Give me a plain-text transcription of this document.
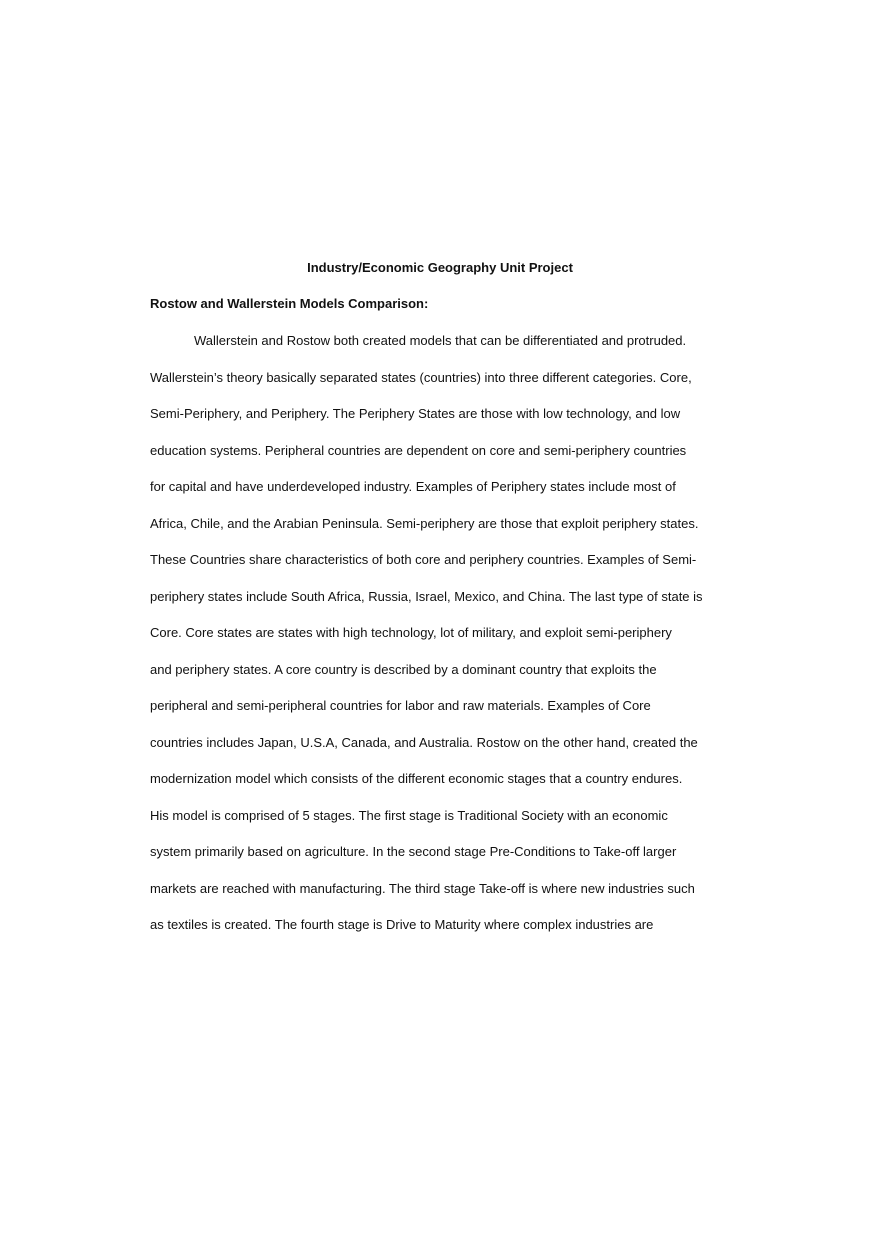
Industry/Economic Geography Unit Project
Rostow and Wallerstein Models Comparison:
Wallerstein and Rostow both created models that can be differentiated and protruded.
Wallerstein’s theory basically separated states (countries) into three different categories. Core,
Semi-Periphery, and Periphery. The Periphery States are those with low technology, and low
education systems. Peripheral countries are dependent on core and semi-periphery countries
for capital and have underdeveloped industry. Examples of Periphery states include most of
Africa, Chile, and the Arabian Peninsula. Semi-periphery are those that exploit periphery states.
These Countries share characteristics of both core and periphery countries. Examples of Semi-
periphery states include South Africa, Russia, Israel, Mexico, and China. The last type of state is
Core. Core states are states with high technology, lot of military, and exploit semi-periphery
and periphery states. A core country is described by a dominant country that exploits the
peripheral and semi-peripheral countries for labor and raw materials. Examples of Core
countries includes Japan, U.S.A, Canada, and Australia. Rostow on the other hand, created the
modernization model which consists of the different economic stages that a country endures.
His model is comprised of 5 stages. The first stage is Traditional Society with an economic
system primarily based on agriculture. In the second stage Pre-Conditions to Take-off larger
markets are reached with manufacturing. The third stage Take-off is where new industries such
as textiles is created. The fourth stage is Drive to Maturity where complex industries are
